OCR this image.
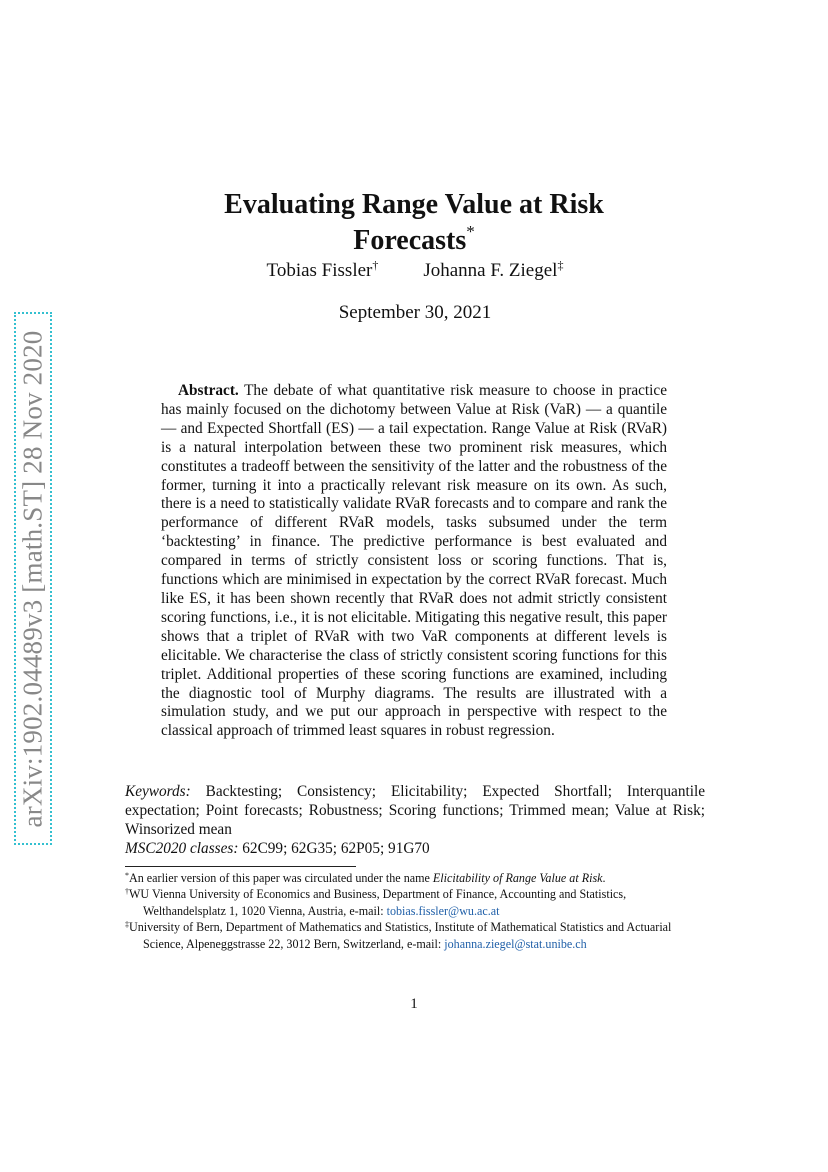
arXiv:1902.04489v3 [math.ST] 28 Nov 2020
Evaluating Range Value at Risk Forecasts*
Tobias Fissler† Johanna F. Ziegel‡
September 30, 2021
Abstract. The debate of what quantitative risk measure to choose in practice has mainly focused on the dichotomy between Value at Risk (VaR) — a quantile — and Expected Shortfall (ES) — a tail expectation. Range Value at Risk (RVaR) is a natural interpolation between these two prominent risk measures, which constitutes a tradeoff between the sensitivity of the latter and the robustness of the former, turning it into a practically relevant risk measure on its own. As such, there is a need to statistically validate RVaR forecasts and to compare and rank the performance of different RVaR models, tasks subsumed under the term ‘backtesting’ in finance. The predictive performance is best evaluated and compared in terms of strictly consistent loss or scoring functions. That is, functions which are minimised in expectation by the correct RVaR forecast. Much like ES, it has been shown recently that RVaR does not admit strictly consistent scoring functions, i.e., it is not elicitable. Mitigating this negative result, this paper shows that a triplet of RVaR with two VaR components at different levels is elicitable. We characterise the class of strictly consistent scoring functions for this triplet. Additional properties of these scoring functions are examined, including the diagnostic tool of Murphy diagrams. The results are illustrated with a simulation study, and we put our approach in perspective with respect to the classical approach of trimmed least squares in robust regression.
Keywords: Backtesting; Consistency; Elicitability; Expected Shortfall; Interquantile expectation; Point forecasts; Robustness; Scoring functions; Trimmed mean; Value at Risk; Winsorized mean
MSC2020 classes: 62C99; 62G35; 62P05; 91G70

*An earlier version of this paper was circulated under the name Elicitability of Range Value at Risk.

†WU Vienna University of Economics and Business, Department of Finance, Accounting and Statistics, Welthandelsplatz 1, 1020 Vienna, Austria, e-mail: tobias.fissler@wu.ac.at

‡University of Bern, Department of Mathematics and Statistics, Institute of Mathematical Statistics and Actuarial Science, Alpeneggstrasse 22, 3012 Bern, Switzerland, e-mail: johanna.ziegel@stat.unibe.ch

1
